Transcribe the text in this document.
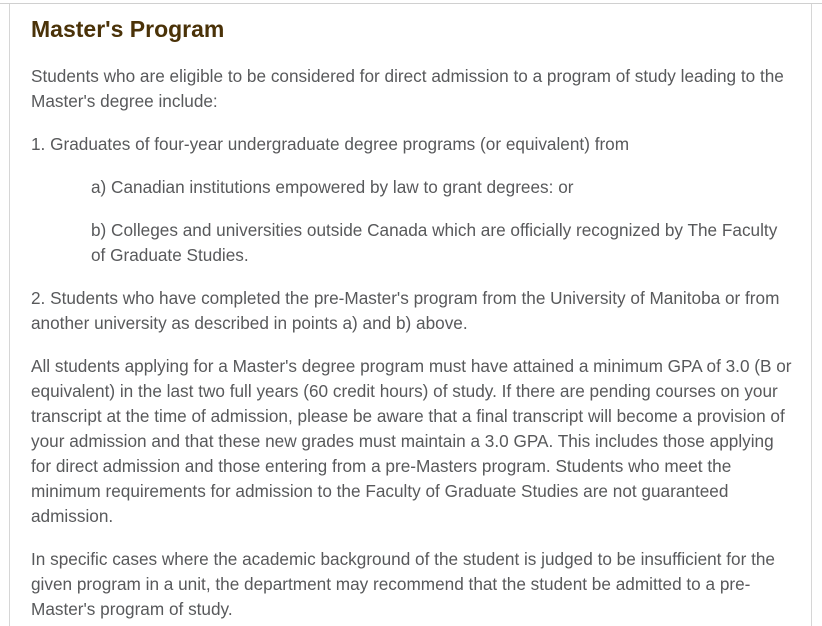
Master's Program

Students who are eligible to be considered for direct admission to a program of study leading to the Master's degree include:

1. Graduates of four-year undergraduate degree programs (or equivalent) from

a) Canadian institutions empowered by law to grant degrees: or

b) Colleges and universities outside Canada which are officially recognized by The Faculty of Graduate Studies.

2. Students who have completed the pre-Master's program from the University of Manitoba or from another university as described in points a) and b) above.

All students applying for a Master's degree program must have attained a minimum GPA of 3.0 (B or equivalent) in the last two full years (60 credit hours) of study. If there are pending courses on your transcript at the time of admission, please be aware that a final transcript will become a provision of your admission and that these new grades must maintain a 3.0 GPA. This includes those applying for direct admission and those entering from a pre-Masters program. Students who meet the minimum requirements for admission to the Faculty of Graduate Studies are not guaranteed admission.

In specific cases where the academic background of the student is judged to be insufficient for the given program in a unit, the department may recommend that the student be admitted to a pre-Master's program of study.
